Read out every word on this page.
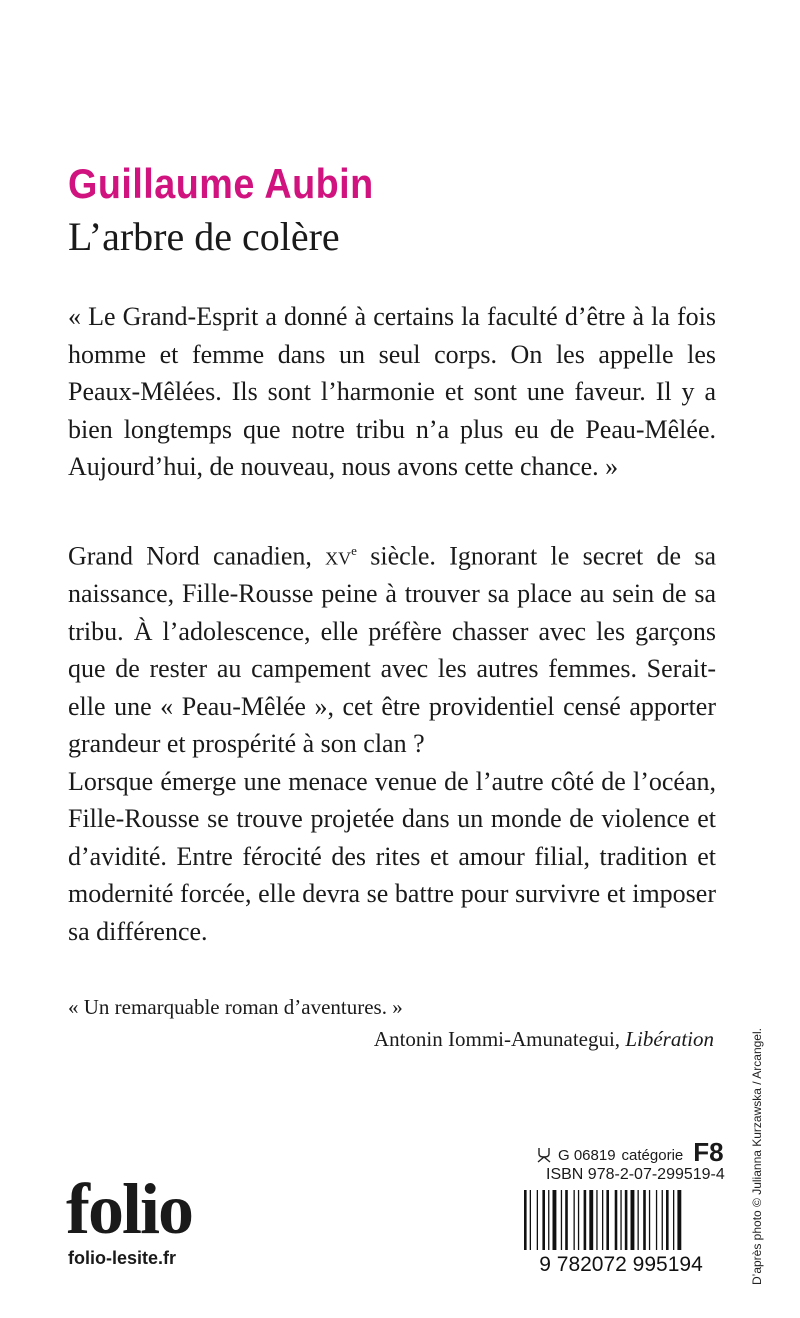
Guillaume Aubin
L’arbre de colère

« Le Grand-Esprit a donné à certains la faculté d’être à la fois homme et femme dans un seul corps. On les appelle les Peaux-Mêlées. Ils sont l’harmonie et sont une faveur. Il y a bien longtemps que notre tribu n’a plus eu de Peau-Mêlée. Aujourd’hui, de nouveau, nous avons cette chance. »

Grand Nord canadien, $xv^e$ siècle. Ignorant le secret de sa naissance, Fille-Rousse peine à trouver sa place au sein de sa tribu. À l’adolescence, elle préfère chasser avec les garçons que de rester au campement avec les autres femmes. Serait-elle une « Peau-Mêlée », cet être providentiel censé apporter grandeur et prospérité à son clan ?

Lorsque émerge une menace venue de l’autre côté de l’océan, Fille-Rousse se trouve projetée dans un monde de violence et d’avidité. Entre férocité des rites et amour filial, tradition et modernité forcée, elle devra se battre pour survivre et imposer sa différence.

« Un remarquable roman d’aventures. »

Antonin Iommi-Amunategui, Libération

folio
folio-lesite.fr
G 06819 catégorie F8
ISBN 978-2-07-299519-4
9 782072 995194	D’après photo © Julianna Kurzawska / Arcangel.
